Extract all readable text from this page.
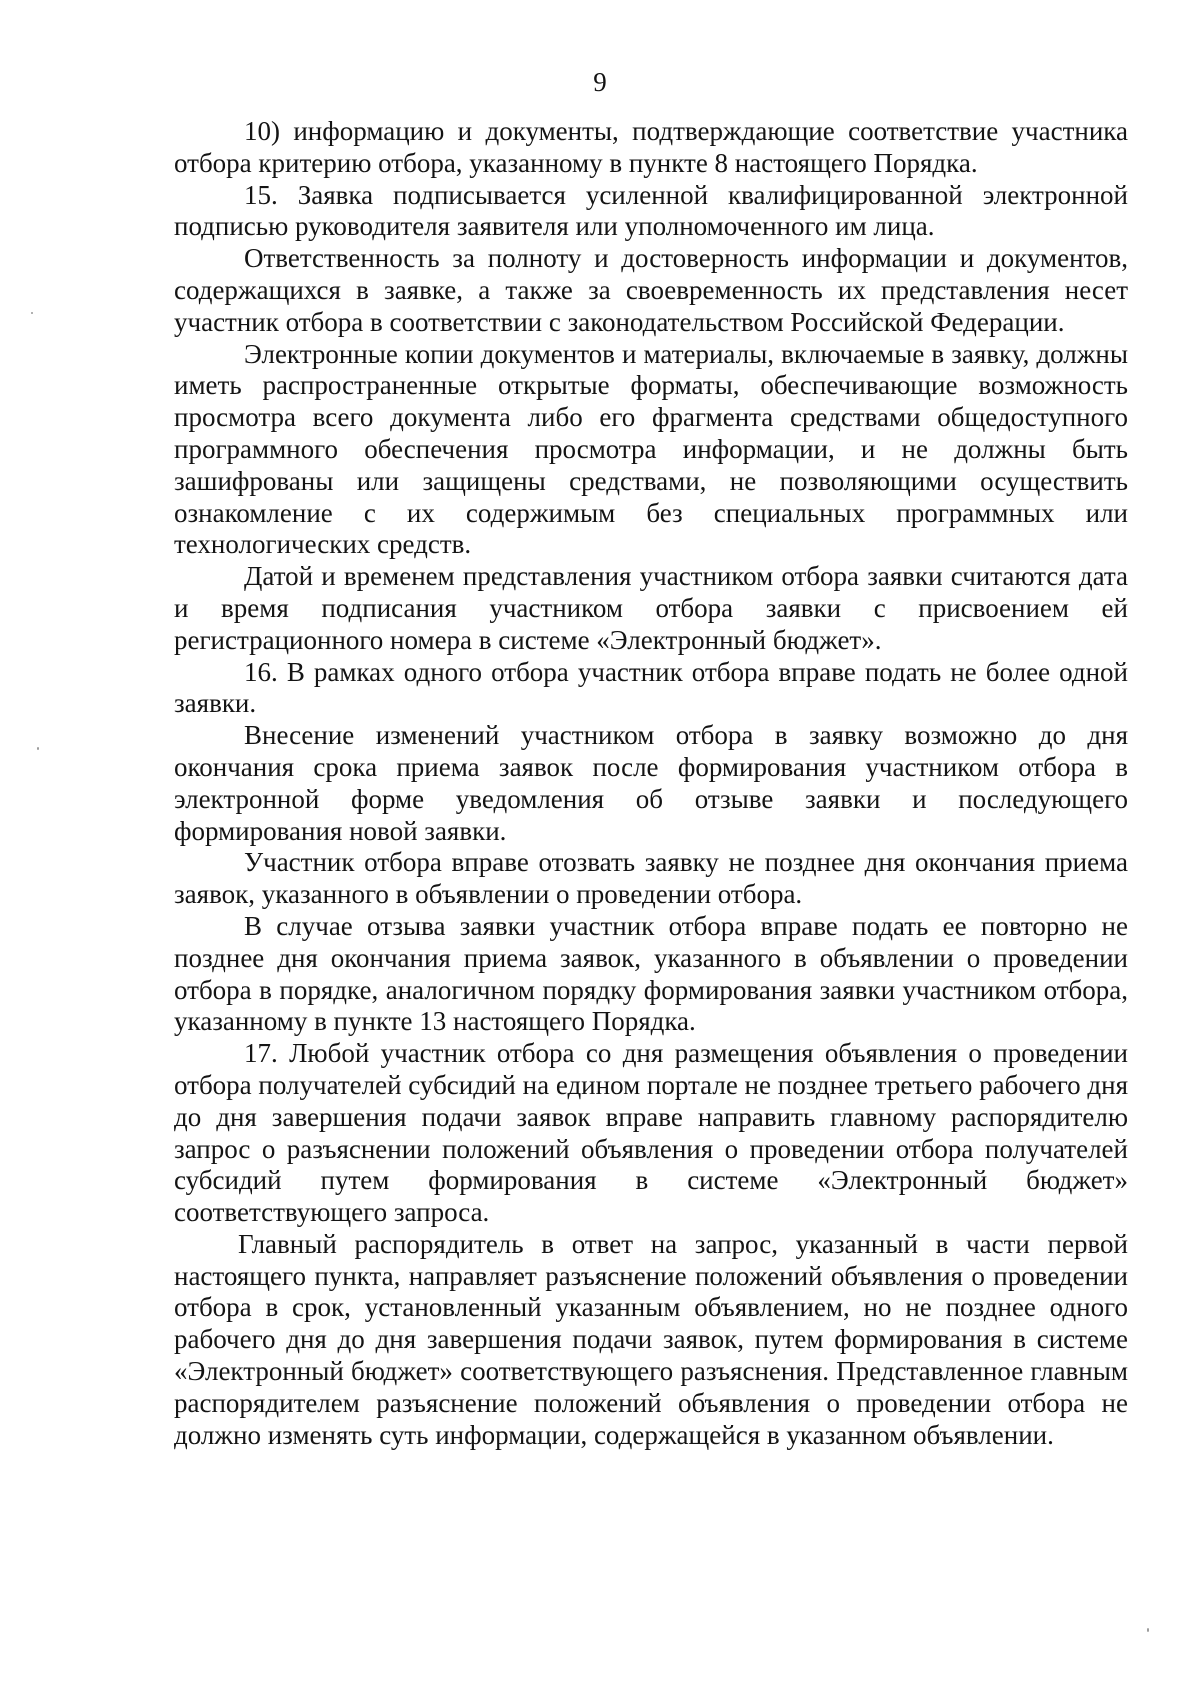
9

10) информацию и документы, подтверждающие соответствие участника отбора критерию отбора, указанному в пункте 8 настоящего Порядка.

15. Заявка подписывается усиленной квалифицированной электронной подписью руководителя заявителя или уполномоченного им лица.

Ответственность за полноту и достоверность информации и документов, содержащихся в заявке, а также за своевременность их представления несет участник отбора в соответствии с законодательством Российской Федерации.

Электронные копии документов и материалы, включаемые в заявку, должны иметь распространенные открытые форматы, обеспечивающие возможность просмотра всего документа либо его фрагмента средствами общедоступного программного обеспечения просмотра информации, и не должны быть зашифрованы или защищены средствами, не позволяющими осуществить ознакомление с их содержимым без специальных программных или технологических средств.

Датой и временем представления участником отбора заявки считаются дата и время подписания участником отбора заявки с присвоением ей регистрационного номера в системе «Электронный бюджет».

16. В рамках одного отбора участник отбора вправе подать не более одной заявки.

Внесение изменений участником отбора в заявку возможно до дня окончания срока приема заявок после формирования участником отбора в электронной форме уведомления об отзыве заявки и последующего формирования новой заявки.

Участник отбора вправе отозвать заявку не позднее дня окончания приема заявок, указанного в объявлении о проведении отбора.

В случае отзыва заявки участник отбора вправе подать ее повторно не позднее дня окончания приема заявок, указанного в объявлении о проведении отбора в порядке, аналогичном порядку формирования заявки участником отбора, указанному в пункте 13 настоящего Порядка.

17. Любой участник отбора со дня размещения объявления о проведении отбора получателей субсидий на едином портале не позднее третьего рабочего дня до дня завершения подачи заявок вправе направить главному распорядителю запрос о разъяснении положений объявления о проведении отбора получателей субсидий путем формирования в системе «Электронный бюджет» соответствующего запроса.

Главный распорядитель в ответ на запрос, указанный в части первой настоящего пункта, направляет разъяснение положений объявления о проведении отбора в срок, установленный указанным объявлением, но не позднее одного рабочего дня до дня завершения подачи заявок, путем формирования в системе «Электронный бюджет» соответствующего разъяснения. Представленное главным распорядителем разъяснение положений объявления о проведении отбора не должно изменять суть информации, содержащейся в указанном объявлении.
